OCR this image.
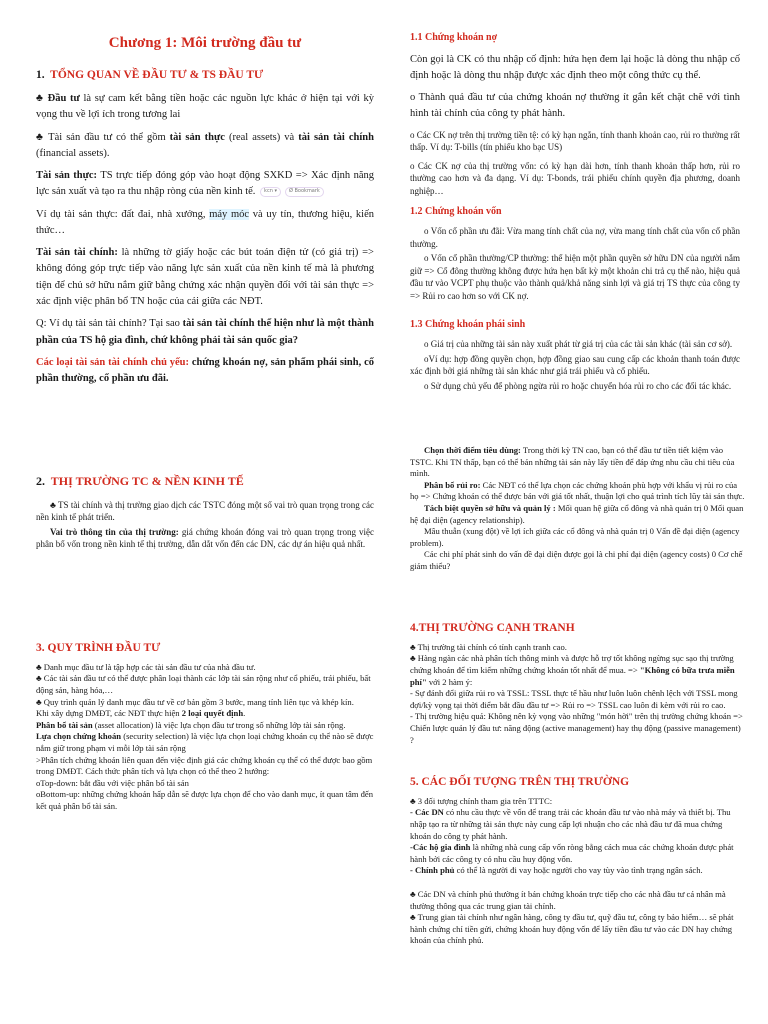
Chương 1: Môi trường đầu tư
1. TỔNG QUAN VỀ ĐẦU TƯ & TS ĐẦU TƯ

♣ Đầu tư là sự cam kết bằng tiền hoặc các nguồn lực khác ở hiện tại với kỳ vọng thu về lợi ích trong tương lai

♣ Tài sản đầu tư có thể gồm tài sản thực (real assets) và tài sản tài chính (financial assets).

Tài sản thực: TS trực tiếp đóng góp vào hoạt động SXKD => Xác định năng lực sản xuất và tạo ra thu nhập ròng của nền kinh tế. kcn ▾ Ø Bookmark

Ví dụ tài sản thực: đất đai, nhà xưởng, máy móc và uy tín, thương hiệu, kiến thức…

Tài sản tài chính: là những tờ giấy hoặc các bút toán điện tử (có giá trị) => không đóng góp trực tiếp vào năng lực sản xuất của nền kinh tế mà là phương tiện để chủ sở hữu nắm giữ bằng chứng xác nhận quyền đối với tài sản thực => xác định việc phân bổ TN hoặc của cải giữa các NĐT.

Q: Ví dụ tài sản tài chính? Tại sao tài sản tài chính thể hiện như là một thành phần của TS hộ gia đình, chứ không phải tài sản quốc gia?

Các loại tài sản tài chính chủ yếu: chứng khoán nợ, sản phẩm phái sinh, cổ phần thường, cổ phần ưu đãi.

2. THỊ TRƯỜNG TC & NỀN KINH TẾ

♣ TS tài chính và thị trường giao dịch các TSTC đóng một số vai trò quan trọng trong các nền kinh tế phát triển.

Vai trò thông tin của thị trường: giá chứng khoán đóng vai trò quan trọng trong việc phân bổ vốn trong nền kinh tế thị trường, dẫn dắt vốn đến các DN, các dự án hiệu quả nhất.

3. QUY TRÌNH ĐẦU TƯ
♣ Danh mục đầu tư là tập hợp các tài sản đầu tư của nhà đầu tư.
♣ Các tài sản đầu tư có thể được phân loại thành các lớp tài sản rộng như cổ phiếu, trái phiếu, bất động sản, hàng hóa,…
♣ Quy trình quản lý danh mục đầu tư về cơ bản gồm 3 bước, mang tính liên tục và khép kín.
Khi xây dựng DMĐT, các NĐT thực hiện 2 loại quyết định.
Phân bổ tài sản (asset allocation) là việc lựa chọn đầu tư trong số những lớp tài sản rộng.
Lựa chọn chứng khoán (security selection) là việc lựa chọn loại chứng khoán cụ thể nào sẽ được nắm giữ trong phạm vi mỗi lớp tài sản rộng
>Phân tích chứng khoán liên quan đến việc định giá các chứng khoán cụ thể có thể được bao gồm trong DMĐT. Cách thức phân tích và lựa chọn có thể theo 2 hướng:
oTop-down: bắt đầu với việc phân bổ tài sản
oBottom-up: những chứng khoán hấp dẫn sẽ được lựa chọn để cho vào danh mục, ít quan tâm đến kết quả phân bổ tài sản.
1.1 Chứng khoán nợ

Còn gọi là CK có thu nhập cố định: hứa hẹn đem lại hoặc là dòng thu nhập cố định hoặc là dòng thu nhập được xác định theo một công thức cụ thể.

o Thành quả đầu tư của chứng khoán nợ thường ít gắn kết chặt chẽ với tình hình tài chính của công ty phát hành.

o Các CK nợ trên thị trường tiền tệ: có kỳ hạn ngắn, tính thanh khoản cao, rủi ro thường rất thấp. Ví dụ: T-bills (tín phiếu kho bạc US)

o Các CK nợ của thị trường vốn: có kỳ hạn dài hơn, tính thanh khoản thấp hơn, rủi ro thường cao hơn và đa dạng. Ví dụ: T-bonds, trái phiếu chính quyền địa phương, doanh nghiệp…

1.2 Chứng khoán vốn

o Vốn cổ phần ưu đãi: Vừa mang tính chất của nợ, vừa mang tính chất của vốn cổ phần thường.

o Vốn cổ phần thường/CP thường: thể hiện một phần quyền sở hữu DN của người nắm giữ => Cổ đông thường không được hứa hẹn bất kỳ một khoản chi trả cụ thể nào, hiệu quả đầu tư vào VCPT phụ thuộc vào thành quả/khả năng sinh lợi và giá trị TS thực của công ty => Rủi ro cao hơn so với CK nợ.

1.3 Chứng khoán phái sinh

o Giá trị của những tài sản này xuất phát từ giá trị của các tài sản khác (tài sản cơ sở).

oVí dụ: hợp đồng quyền chọn, hợp đồng giao sau cung cấp các khoản thanh toán được xác định bởi giá những tài sản khác như giá trái phiếu và cổ phiếu.

o Sử dụng chủ yếu để phòng ngừa rủi ro hoặc chuyển hóa rủi ro cho các đối tác khác.

Chọn thời điểm tiêu dùng: Trong thời kỳ TN cao, bạn có thể đầu tư tiền tiết kiệm vào TSTC. Khi TN thấp, bạn có thể bán những tài sản này lấy tiền để đáp ứng nhu cầu chi tiêu của mình.
Phân bổ rủi ro: Các NĐT có thể lựa chọn các chứng khoán phù hợp với khẩu vị rủi ro của họ => Chứng khoán có thể được bán với giá tốt nhất, thuận lợi cho quá trình tích lũy tài sản thực.
Tách biệt quyền sở hữu và quản lý : Mối quan hệ giữa cổ đông và nhà quản trị 0 Mối quan hệ đại diện (agency relationship).
Mâu thuẫn (xung đột) về lợi ích giữa các cổ đông và nhà quản trị 0 Vấn đề đại diện (agency problem).
Các chi phí phát sinh do vấn đề đại diện được gọi là chi phí đại diện (agency costs) 0 Cơ chế giám thiểu?
4.THỊ TRƯỜNG CẠNH TRANH
♣ Thị trường tài chính có tính cạnh tranh cao.
♣ Hàng ngàn các nhà phân tích thông minh và được hỗ trợ tốt không ngừng sục sạo thị trường chứng khoán để tìm kiếm những chứng khoán tốt nhất để mua. => "Không có bữa trưa miễn phí" với 2 hàm ý:
- Sự đánh đổi giữa rủi ro và TSSL: TSSL thực tế hầu như luôn luôn chênh lệch với TSSL mong đợi/kỳ vọng tại thời điểm bắt đầu đầu tư => Rủi ro => TSSL cao luôn đi kèm với rủi ro cao.
- Thị trường hiệu quả: Không nên kỳ vọng vào những "món hời" trên thị trường chứng khoán => Chiến lược quản lý đầu tư: năng động (active management) hay thụ động (passive management) ?
5. CÁC ĐỐI TƯỢNG TRÊN THỊ TRƯỜNG
♣ 3 đối tượng chính tham gia trên TTTC:
- Các DN có nhu cầu thực về vốn để trang trải các khoản đầu tư vào nhà máy và thiết bị. Thu nhập tạo ra từ những tài sản thực này cung cấp lợi nhuận cho các nhà đầu tư đã mua chứng khoán do công ty phát hành.
-Các hộ gia đình là những nhà cung cấp vốn ròng bằng cách mua các chứng khoán được phát hành bởi các công ty có nhu cầu huy động vốn.
- Chính phủ có thể là người đi vay hoặc người cho vay tùy vào tình trạng ngân sách.
♣ Các DN và chính phủ thường ít bán chứng khoán trực tiếp cho các nhà đầu tư cá nhân mà thường thông qua các trung gian tài chính.
♣ Trung gian tài chính như ngân hàng, công ty đầu tư, quỹ đầu tư, công ty bảo hiểm… sẽ phát hành chứng chỉ tiền gửi, chứng khoán huy động vốn để lấy tiền đầu tư vào các DN hay chứng khoán của chính phủ.
